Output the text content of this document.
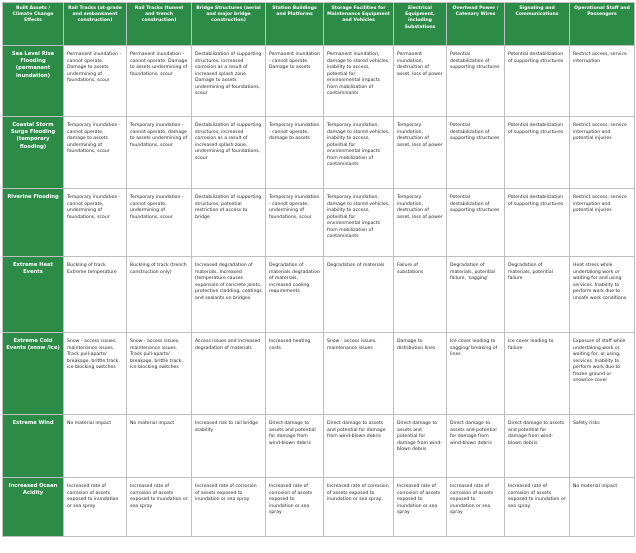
Built Assets / Climate Change Effects	Rail Tracks (at-grade and embankment construction)	Rail Tracks (tunnel and trench construction)	Bridge Structures (aerial and major bridge construction)	Station Buildings and Platforms	Storage Facilities for Maintenance Equipment and Vehicles	Electrical Equipment, including Substations	Overhead Power / Catenary Wires	Signaling and Communications	Operational Staff and Passengers
Sea Level Rise Flooding (permanent inundation)	Permanent inundation - cannot operate. Damage to assets undermining of foundations, scour	Permanent inundation - cannot operate. Damage to assets undermining of foundations, scour	Destabilization of supporting structures, increased corrosion as a result of increased splash zone. Damage to assets undermining of foundations, scour	Permanent inundation - cannot operate. Damage to assets	Permanent inundation, damage to stored vehicles, inability to access, potential for environmental impacts from mobilization of contaminants	Permanent inundation, destruction of asset, loss of power	Potential destabilization of supporting structures	Potential destabilization of supporting structures	Restrict access, service interruption
Coastal Storm Surge Flooding (temporary flooding)	Temporary inundation - cannot operate, damage to assets undermining of foundations, scour	Temporary inundation - cannot operate, damage to assets undermining of foundations, scour	Destabilization of supporting structures, increased corrosion as a result of increased splash zone, undermining of foundations, scour	Temporary inundation - cannot operate, damage to assets	Temporary inundation, damage to stored vehicles, inability to access, potential for environmental impacts from mobilization of contaminants	Temporary inundation, destruction of asset, loss of power	Potential destabilization of supporting structures	Potential destabilization of supporting structures	Restrict access, service interruption and potential injuries
Riverine Flooding	Temporary inundation - cannot operate, undermining of foundations, scour	Temporary inundation - cannot operate, undermining of foundations, scour	Destabilization of supporting structures, potential restriction of access to bridge	Temporary inundation - cannot operate, undermining of foundations, scour	Temporary inundation, damage to stored vehicles, inability to access, potential for environmental impacts from mobilization of contaminants	Temporary inundation, destruction of asset, loss of power	Potential destabilization of supporting structures	Potential destabilization of supporting structures	Restrict access, service interruption and potential injuries
Extreme Heat Events	Buckling of track Extreme temperature	Buckling of track (trench construction only)	Increased degradation of materials. Increased (temperature causes expansion of concrete joints, protective cladding, coatings and sealants on bridges	Degradation of materials degradation of materials, increased cooling requirements	Degradation of materials	Failure of substations	Degradation of materials, potential failure, 'sagging'	Degradation of materials, potential failure	Heat stress while undertaking work or waiting for and using services. Inability to perform work due to unsafe work conditions
Extreme Cold Events (snow /ice)	Snow - access issues, maintenance issues. Track pull-aparts/ breakage, brittle track, ice blocking switches	Snow - access issues, maintenance issues. Track pull-aparts/ breakage, brittle track, ice blocking switches	Access issues and increased degradation of materials	Increased heating costs	Snow - access issues, maintenance issues	Damage to distribution lines	Ice cover leading to sagging/ breaking of lines	Ice cover leading to failure	Exposure of staff while undertaking work or waiting for, or using, services. Inability to perform work due to frozen ground or snow/ice cover
Extreme Wind	No material impact	No material impact	Increased risk to rail bridge stability	Direct damage to assets and potential for damage from wind-blown debris	Direct damage to assets and potential for damage from wind-blown debris	Direct damage to assets and potential for damage from wind-blown debris	Direct damage to assets and potential for damage from wind-blown debris	Direct damage to assets and potential for damage from wind-blown debris	Safety risks
Increased Ocean Acidity	Increased rate of corrosion of assets exposed to inundation or sea spray	Increased rate of corrosion of assets exposed to inundation or sea spray	Increased rate of corrosion of assets exposed to inundation or sea spray	Increased rate of corrosion of assets exposed to inundation or sea spray	Increased rate of corrosion of assets exposed to inundation or sea spray	Increased rate of corrosion of assets exposed to inundation or sea spray	Increased rate of corrosion of assets exposed to inundation or sea spray	Increased rate of corrosion of assets exposed to inundation or sea spray	No material impact
